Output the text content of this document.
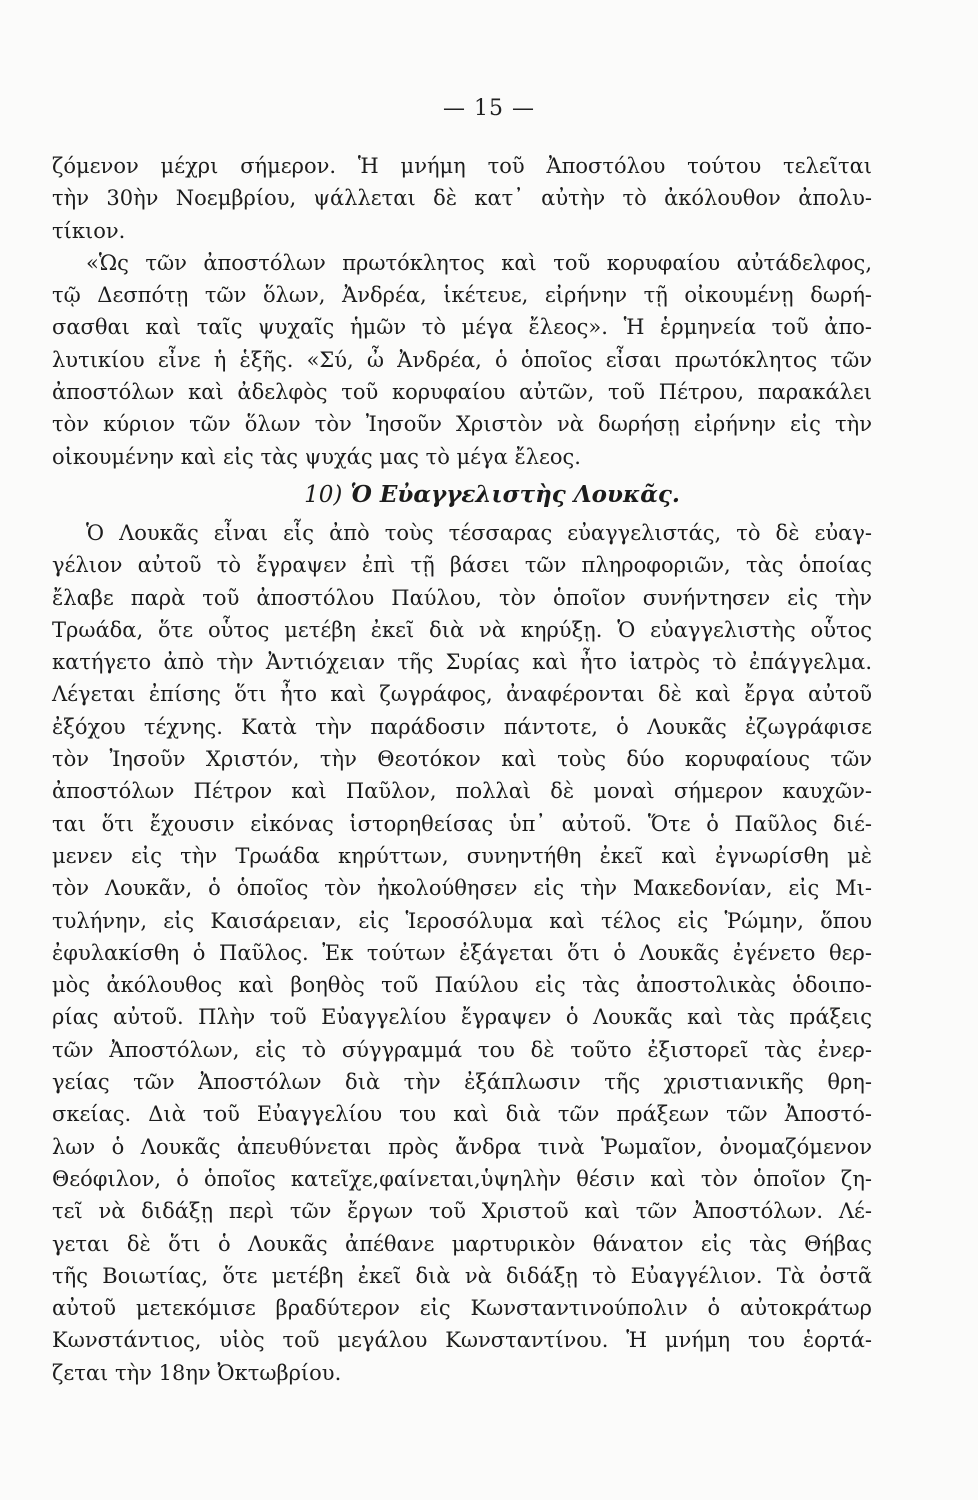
— 15 —
ζόμενον μέχρι σήμερον. Ἡ μνήμη τοῦ Ἀποστόλου τούτου τελεῖται
τὴν 30ὴν Νοεμβρίου, ψάλλεται δὲ κατ᾽ αὐτὴν τὸ ἀκόλουθον ἀπολυ-
τίκιον.
«Ὡς τῶν ἀποστόλων πρωτόκλητος καὶ τοῦ κορυφαίου αὐτάδελφος,
τῷ Δεσπότῃ τῶν ὅλων, Ἀνδρέα, ἱκέτευε, εἰρήνην τῇ οἰκουμένῃ δωρή-
σασθαι καὶ ταῖς ψυχαῖς ἡμῶν τὸ μέγα ἔλεος». Ἡ ἑρμηνεία τοῦ ἀπο-
λυτικίου εἶνε ἡ ἑξῆς. «Σύ, ὦ Ἀνδρέα, ὁ ὁποῖος εἶσαι πρωτόκλητος τῶν
ἀποστόλων καὶ ἀδελφὸς τοῦ κορυφαίου αὐτῶν, τοῦ Πέτρου, παρακάλει
τὸν κύριον τῶν ὅλων τὸν Ἰησοῦν Χριστὸν νὰ δωρήσῃ εἰρήνην εἰς τὴν
οἰκουμένην καὶ εἰς τὰς ψυχάς μας τὸ μέγα ἔλεος.
10) Ὁ Εὐαγγελιστὴς Λουκᾶς.
Ὁ Λουκᾶς εἶναι εἷς ἀπὸ τοὺς τέσσαρας εὐαγγελιστάς, τὸ δὲ εὐαγ-
γέλιον αὐτοῦ τὸ ἔγραψεν ἐπὶ τῇ βάσει τῶν πληροφοριῶν, τὰς ὁποίας
ἔλαβε παρὰ τοῦ ἀποστόλου Παύλου, τὸν ὁποῖον συνήντησεν εἰς τὴν
Τρωάδα, ὅτε οὗτος μετέβη ἐκεῖ διὰ νὰ κηρύξῃ. Ὁ εὐαγγελιστὴς οὗτος
κατήγετο ἀπὸ τὴν Ἀντιόχειαν τῆς Συρίας καὶ ἦτο ἰατρὸς τὸ ἐπάγγελμα.
Λέγεται ἐπίσης ὅτι ἦτο καὶ ζωγράφος, ἀναφέρονται δὲ καὶ ἔργα αὐτοῦ
ἐξόχου τέχνης. Κατὰ τὴν παράδοσιν πάντοτε, ὁ Λουκᾶς ἐζωγράφισε
τὸν Ἰησοῦν Χριστόν, τὴν Θεοτόκον καὶ τοὺς δύο κορυφαίους τῶν
ἀποστόλων Πέτρον καὶ Παῦλον, πολλαὶ δὲ μοναὶ σήμερον καυχῶν-
ται ὅτι ἔχουσιν εἰκόνας ἱστορηθείσας ὑπ᾽ αὐτοῦ. Ὅτε ὁ Παῦλος διέ-
μενεν εἰς τὴν Τρωάδα κηρύττων, συνηντήθη ἐκεῖ καὶ ἐγνωρίσθη μὲ
τὸν Λουκᾶν, ὁ ὁποῖος τὸν ἠκολούθησεν εἰς τὴν Μακεδονίαν, εἰς Μι-
τυλήνην, εἰς Καισάρειαν, εἰς Ἱεροσόλυμα καὶ τέλος εἰς Ῥώμην, ὅπου
ἐφυλακίσθη ὁ Παῦλος. Ἐκ τούτων ἐξάγεται ὅτι ὁ Λουκᾶς ἐγένετο θερ-
μὸς ἀκόλουθος καὶ βοηθὸς τοῦ Παύλου εἰς τὰς ἀποστολικὰς ὁδοιπο-
ρίας αὐτοῦ. Πλὴν τοῦ Εὐαγγελίου ἔγραψεν ὁ Λουκᾶς καὶ τὰς πράξεις
τῶν Ἀποστόλων, εἰς τὸ σύγγραμμά του δὲ τοῦτο ἐξιστορεῖ τὰς ἐνερ-
γείας τῶν Ἀποστόλων διὰ τὴν ἐξάπλωσιν τῆς χριστιανικῆς θρη-
σκείας. Διὰ τοῦ Εὐαγγελίου του καὶ διὰ τῶν πράξεων τῶν Ἀποστό-
λων ὁ Λουκᾶς ἀπευθύνεται πρὸς ἄνδρα τινὰ Ῥωμαῖον, ὀνομαζόμενον
Θεόφιλον, ὁ ὁποῖος κατεῖχε,φαίνεται,ὑψηλὴν θέσιν καὶ τὸν ὁποῖον ζη-
τεῖ νὰ διδάξῃ περὶ τῶν ἔργων τοῦ Χριστοῦ καὶ τῶν Ἀποστόλων. Λέ-
γεται δὲ ὅτι ὁ Λουκᾶς ἀπέθανε μαρτυρικὸν θάνατον εἰς τὰς Θήβας
τῆς Βοιωτίας, ὅτε μετέβη ἐκεῖ διὰ νὰ διδάξῃ τὸ Εὐαγγέλιον. Τὰ ὀστᾶ
αὐτοῦ μετεκόμισε βραδύτερον εἰς Κωνσταντινούπολιν ὁ αὐτοκράτωρ
Κωνστάντιος, υἱὸς τοῦ μεγάλου Κωνσταντίνου. Ἡ μνήμη του ἑορτά-
ζεται τὴν 18ην Ὀκτωβρίου.
